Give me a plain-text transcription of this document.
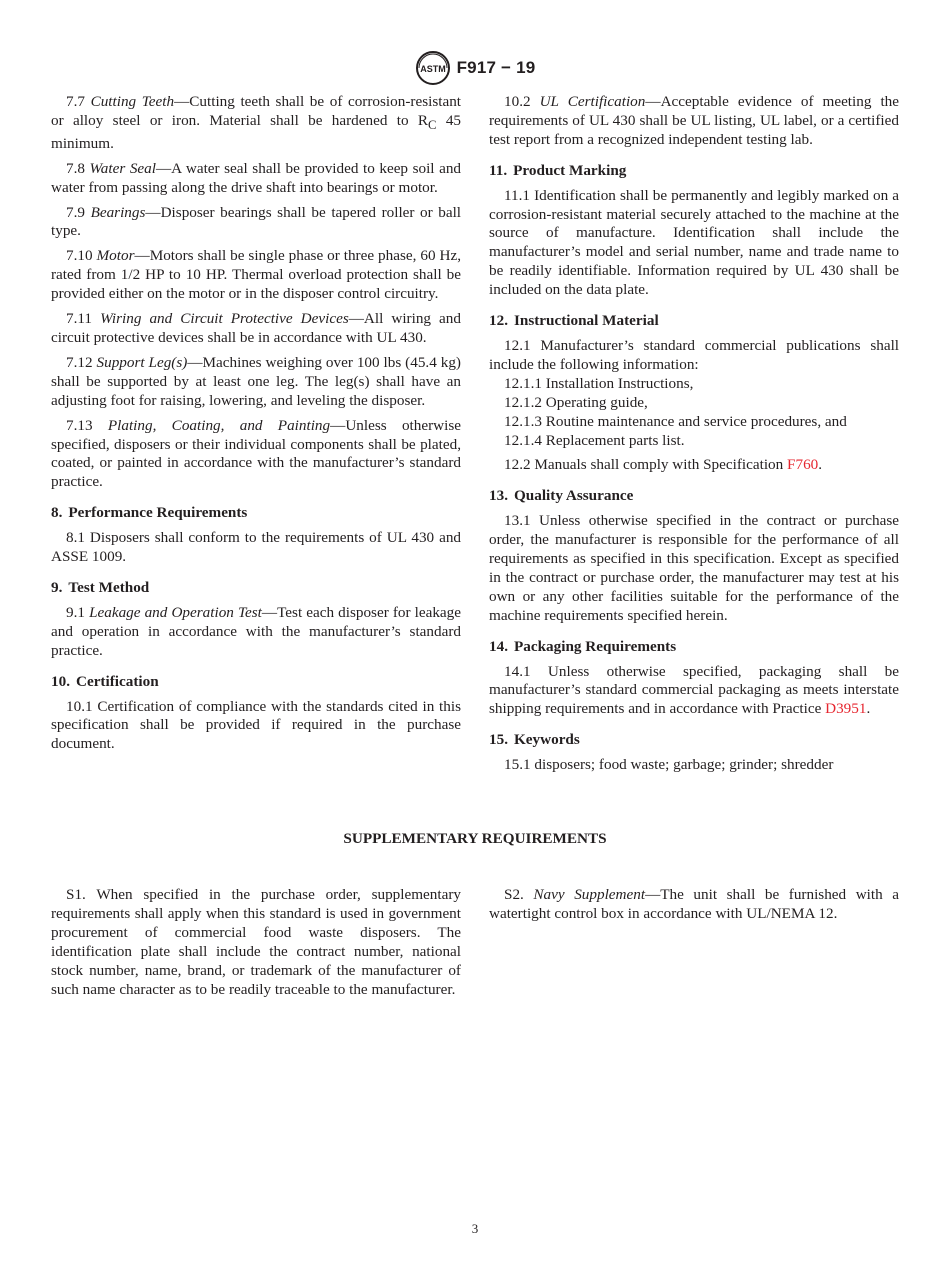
ASTM F917 − 19

7.7 Cutting Teeth—Cutting teeth shall be of corrosion-resistant or alloy steel or iron. Material shall be hardened to $R_C$ 45 minimum.

7.8 Water Seal—A water seal shall be provided to keep soil and water from passing along the drive shaft into bearings or motor.

7.9 Bearings—Disposer bearings shall be tapered roller or ball type.

7.10 Motor—Motors shall be single phase or three phase, 60 Hz, rated from 1/2 HP to 10 HP. Thermal overload protection shall be provided either on the motor or in the disposer control circuitry.

7.11 Wiring and Circuit Protective Devices—All wiring and circuit protective devices shall be in accordance with UL 430.

7.12 Support Leg(s)—Machines weighing over 100 lbs (45.4 kg) shall be supported by at least one leg. The leg(s) shall have an adjusting foot for raising, lowering, and leveling the disposer.

7.13 Plating, Coating, and Painting—Unless otherwise specified, disposers or their individual components shall be plated, coated, or painted in accordance with the manufacturer’s standard practice.

8. Performance Requirements

8.1 Disposers shall conform to the requirements of UL 430 and ASSE 1009.

9. Test Method

9.1 Leakage and Operation Test—Test each disposer for leakage and operation in accordance with the manufacturer’s standard practice.

10. Certification

10.1 Certification of compliance with the standards cited in this specification shall be provided if required in the purchase document.

10.2 UL Certification—Acceptable evidence of meeting the requirements of UL 430 shall be UL listing, UL label, or a certified test report from a recognized independent testing lab.

11. Product Marking

11.1 Identification shall be permanently and legibly marked on a corrosion-resistant material securely attached to the machine at the source of manufacture. Identification shall include the manufacturer’s model and serial number, name and trade name to be readily identifiable. Information required by UL 430 shall be included on the data plate.

12. Instructional Material

12.1 Manufacturer’s standard commercial publications shall include the following information:

12.1.1 Installation Instructions,

12.1.2 Operating guide,

12.1.3 Routine maintenance and service procedures, and

12.1.4 Replacement parts list.

12.2 Manuals shall comply with Specification F760.

13. Quality Assurance

13.1 Unless otherwise specified in the contract or purchase order, the manufacturer is responsible for the performance of all requirements as specified in this specification. Except as specified in the contract or purchase order, the manufacturer may test at his own or any other facilities suitable for the performance of the machine requirements specified herein.

14. Packaging Requirements

14.1 Unless otherwise specified, packaging shall be manufacturer’s standard commercial packaging as meets interstate shipping requirements and in accordance with Practice D3951.

15. Keywords

15.1 disposers; food waste; garbage; grinder; shredder

SUPPLEMENTARY REQUIREMENTS

S1. When specified in the purchase order, supplementary requirements shall apply when this standard is used in government procurement of commercial food waste disposers. The identification plate shall include the contract number, national stock number, name, brand, or trademark of the manufacturer of such name character as to be readily traceable to the manufacturer.

S2. Navy Supplement—The unit shall be furnished with a watertight control box in accordance with UL/NEMA 12.

3
